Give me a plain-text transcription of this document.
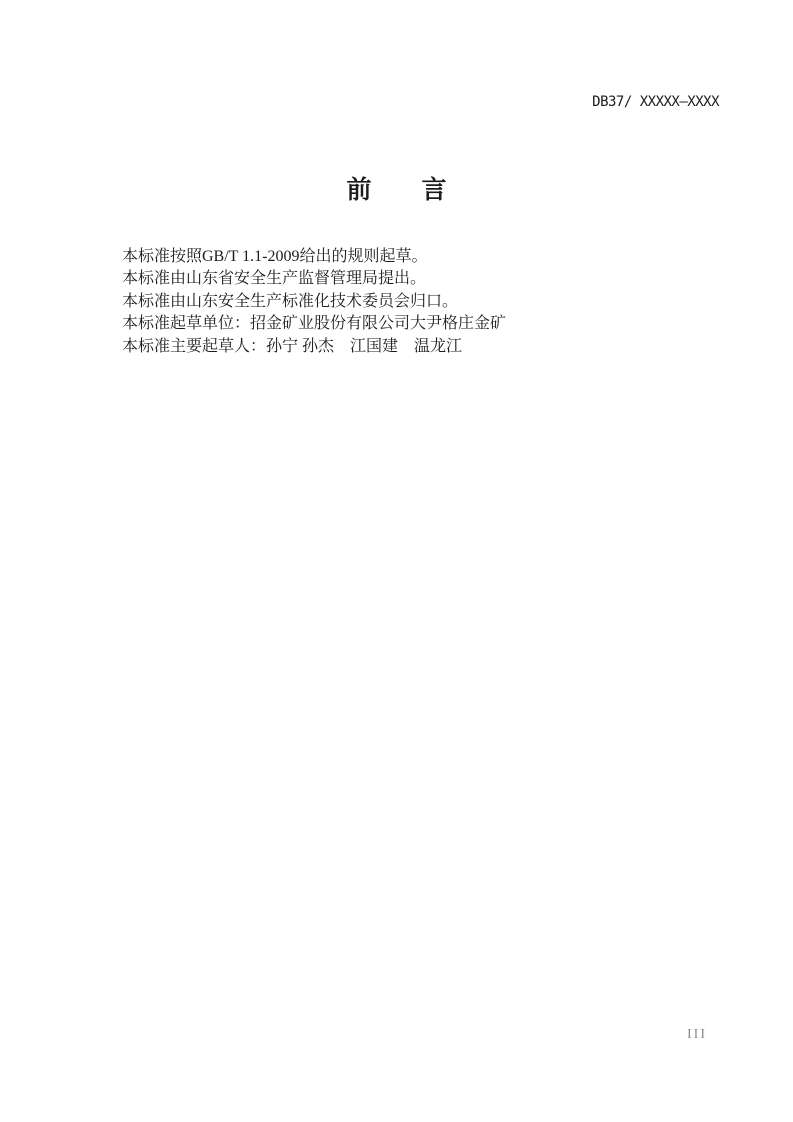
DB37/ XXXXX—XXXX
前　　言

本标准按照GB/T 1.1-2009给出的规则起草。

本标准由山东省安全生产监督管理局提出。

本标准由山东安全生产标准化技术委员会归口。

本标准起草单位：招金矿业股份有限公司大尹格庄金矿

本标准主要起草人：孙宁 孙杰　江国建　温龙江

III
